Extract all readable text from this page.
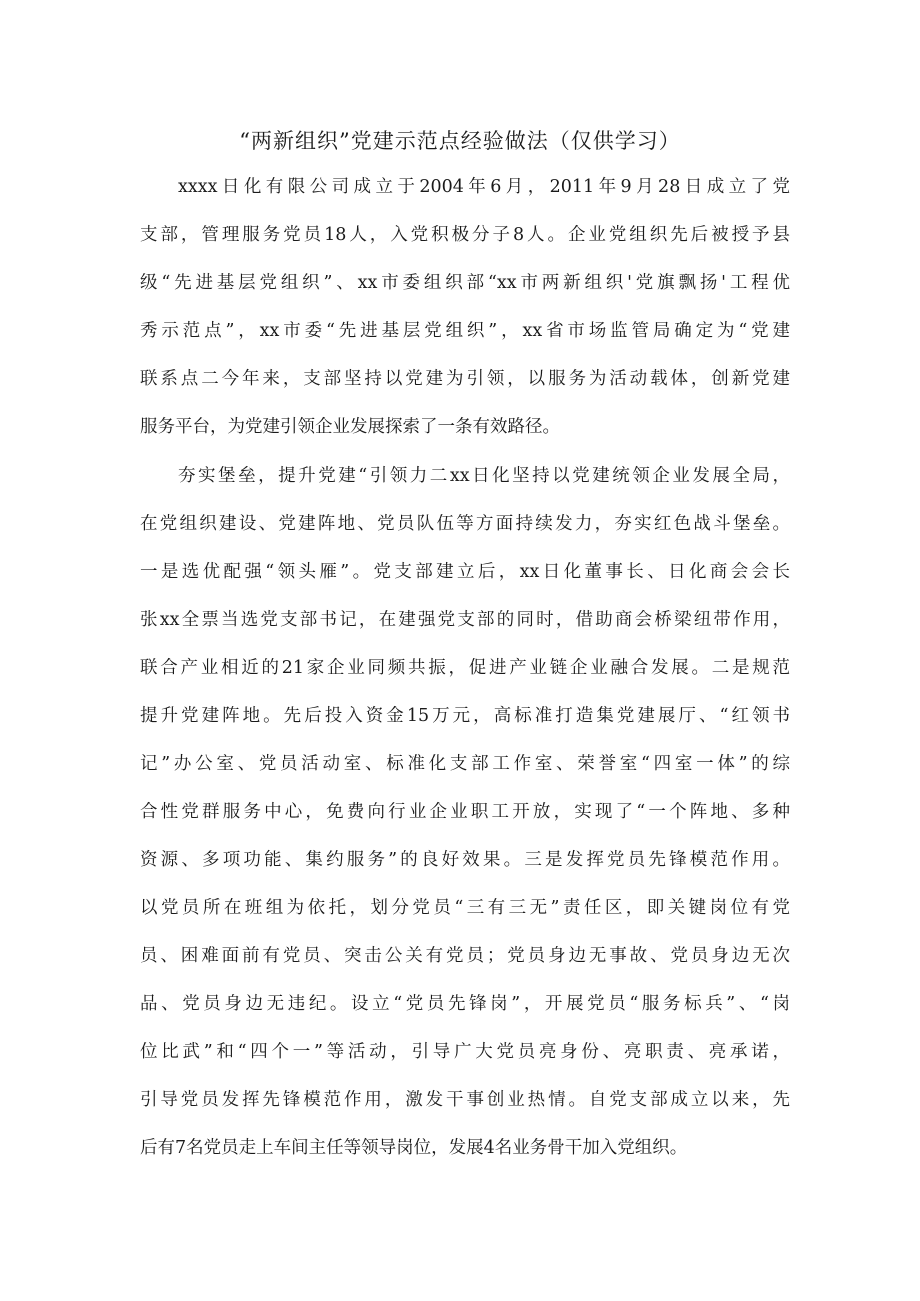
“两新组织”党建示范点经验做法（仅供学习）
xxxx日化有限公司成立于2004年6月，2011年9月28日成立了党
支部，管理服务党员18人，入党积极分子8人。企业党组织先后被授予县
级“先进基层党组织”、xx市委组织部“xx市两新组织'党旗飘扬'工程优
秀示范点”，xx市委“先进基层党组织”，xx省市场监管局确定为“党建
联系点二今年来，支部坚持以党建为引领，以服务为活动载体，创新党建
服务平台，为党建引领企业发展探索了一条有效路径。
夯实堡垒，提升党建“引领力二xx日化坚持以党建统领企业发展全局，
在党组织建设、党建阵地、党员队伍等方面持续发力，夯实红色战斗堡垒。
一是选优配强“领头雁”。党支部建立后，xx日化董事长、日化商会会长
张xx全票当选党支部书记，在建强党支部的同时，借助商会桥梁纽带作用，
联合产业相近的21家企业同频共振，促进产业链企业融合发展。二是规范
提升党建阵地。先后投入资金15万元，高标准打造集党建展厅、“红领书
记”办公室、党员活动室、标准化支部工作室、荣誉室“四室一体”的综
合性党群服务中心，免费向行业企业职工开放，实现了“一个阵地、多种
资源、多项功能、集约服务”的良好效果。三是发挥党员先锋模范作用。
以党员所在班组为依托，划分党员“三有三无”责任区，即关键岗位有党
员、困难面前有党员、突击公关有党员；党员身边无事故、党员身边无次
品、党员身边无违纪。设立“党员先锋岗”，开展党员“服务标兵”、“岗
位比武”和“四个一”等活动，引导广大党员亮身份、亮职责、亮承诺，
引导党员发挥先锋模范作用，激发干事创业热情。自党支部成立以来，先
后有7名党员走上车间主任等领导岗位，发展4名业务骨干加入党组织。
